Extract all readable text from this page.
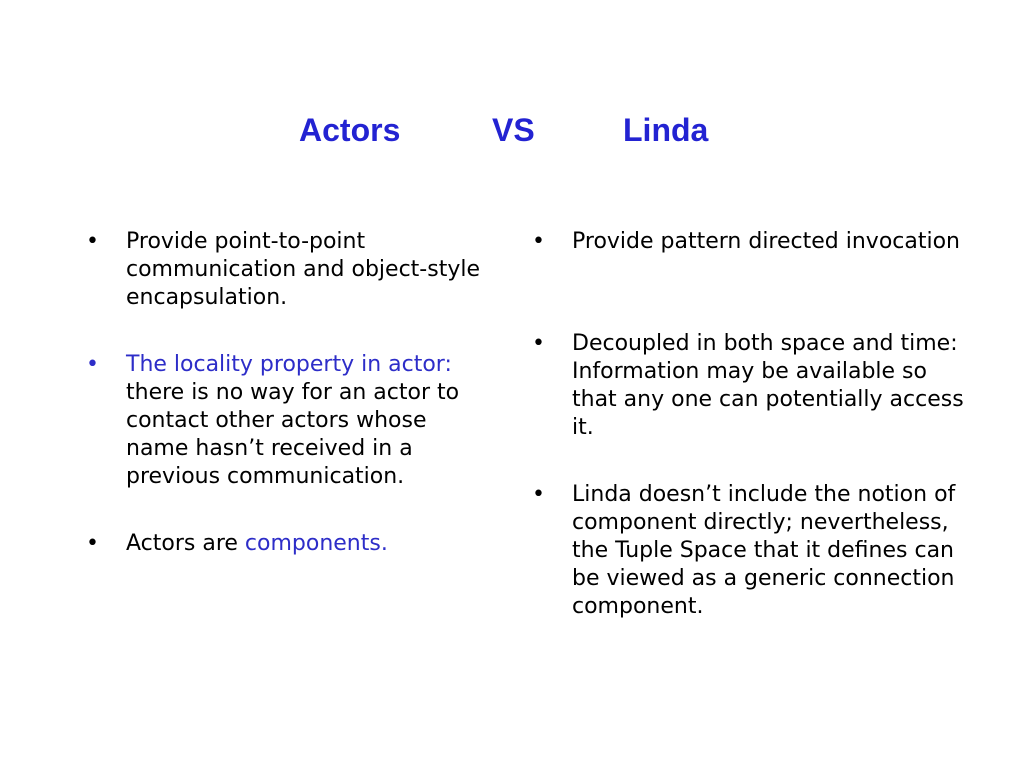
Actors	VS	Linda

•	Provide point-to-point communication and object-style encapsulation.

•	The locality property in actor: there is no way for an actor to contact other actors whose name hasn’t received in a previous communication.

•	Actors are components.

•	Provide pattern directed invocation

•	Decoupled in both space and time: Information may be available so that any one can potentially access it.

•	Linda doesn’t include the notion of component directly; nevertheless, the Tuple Space that it defines can be viewed as a generic connection component.
